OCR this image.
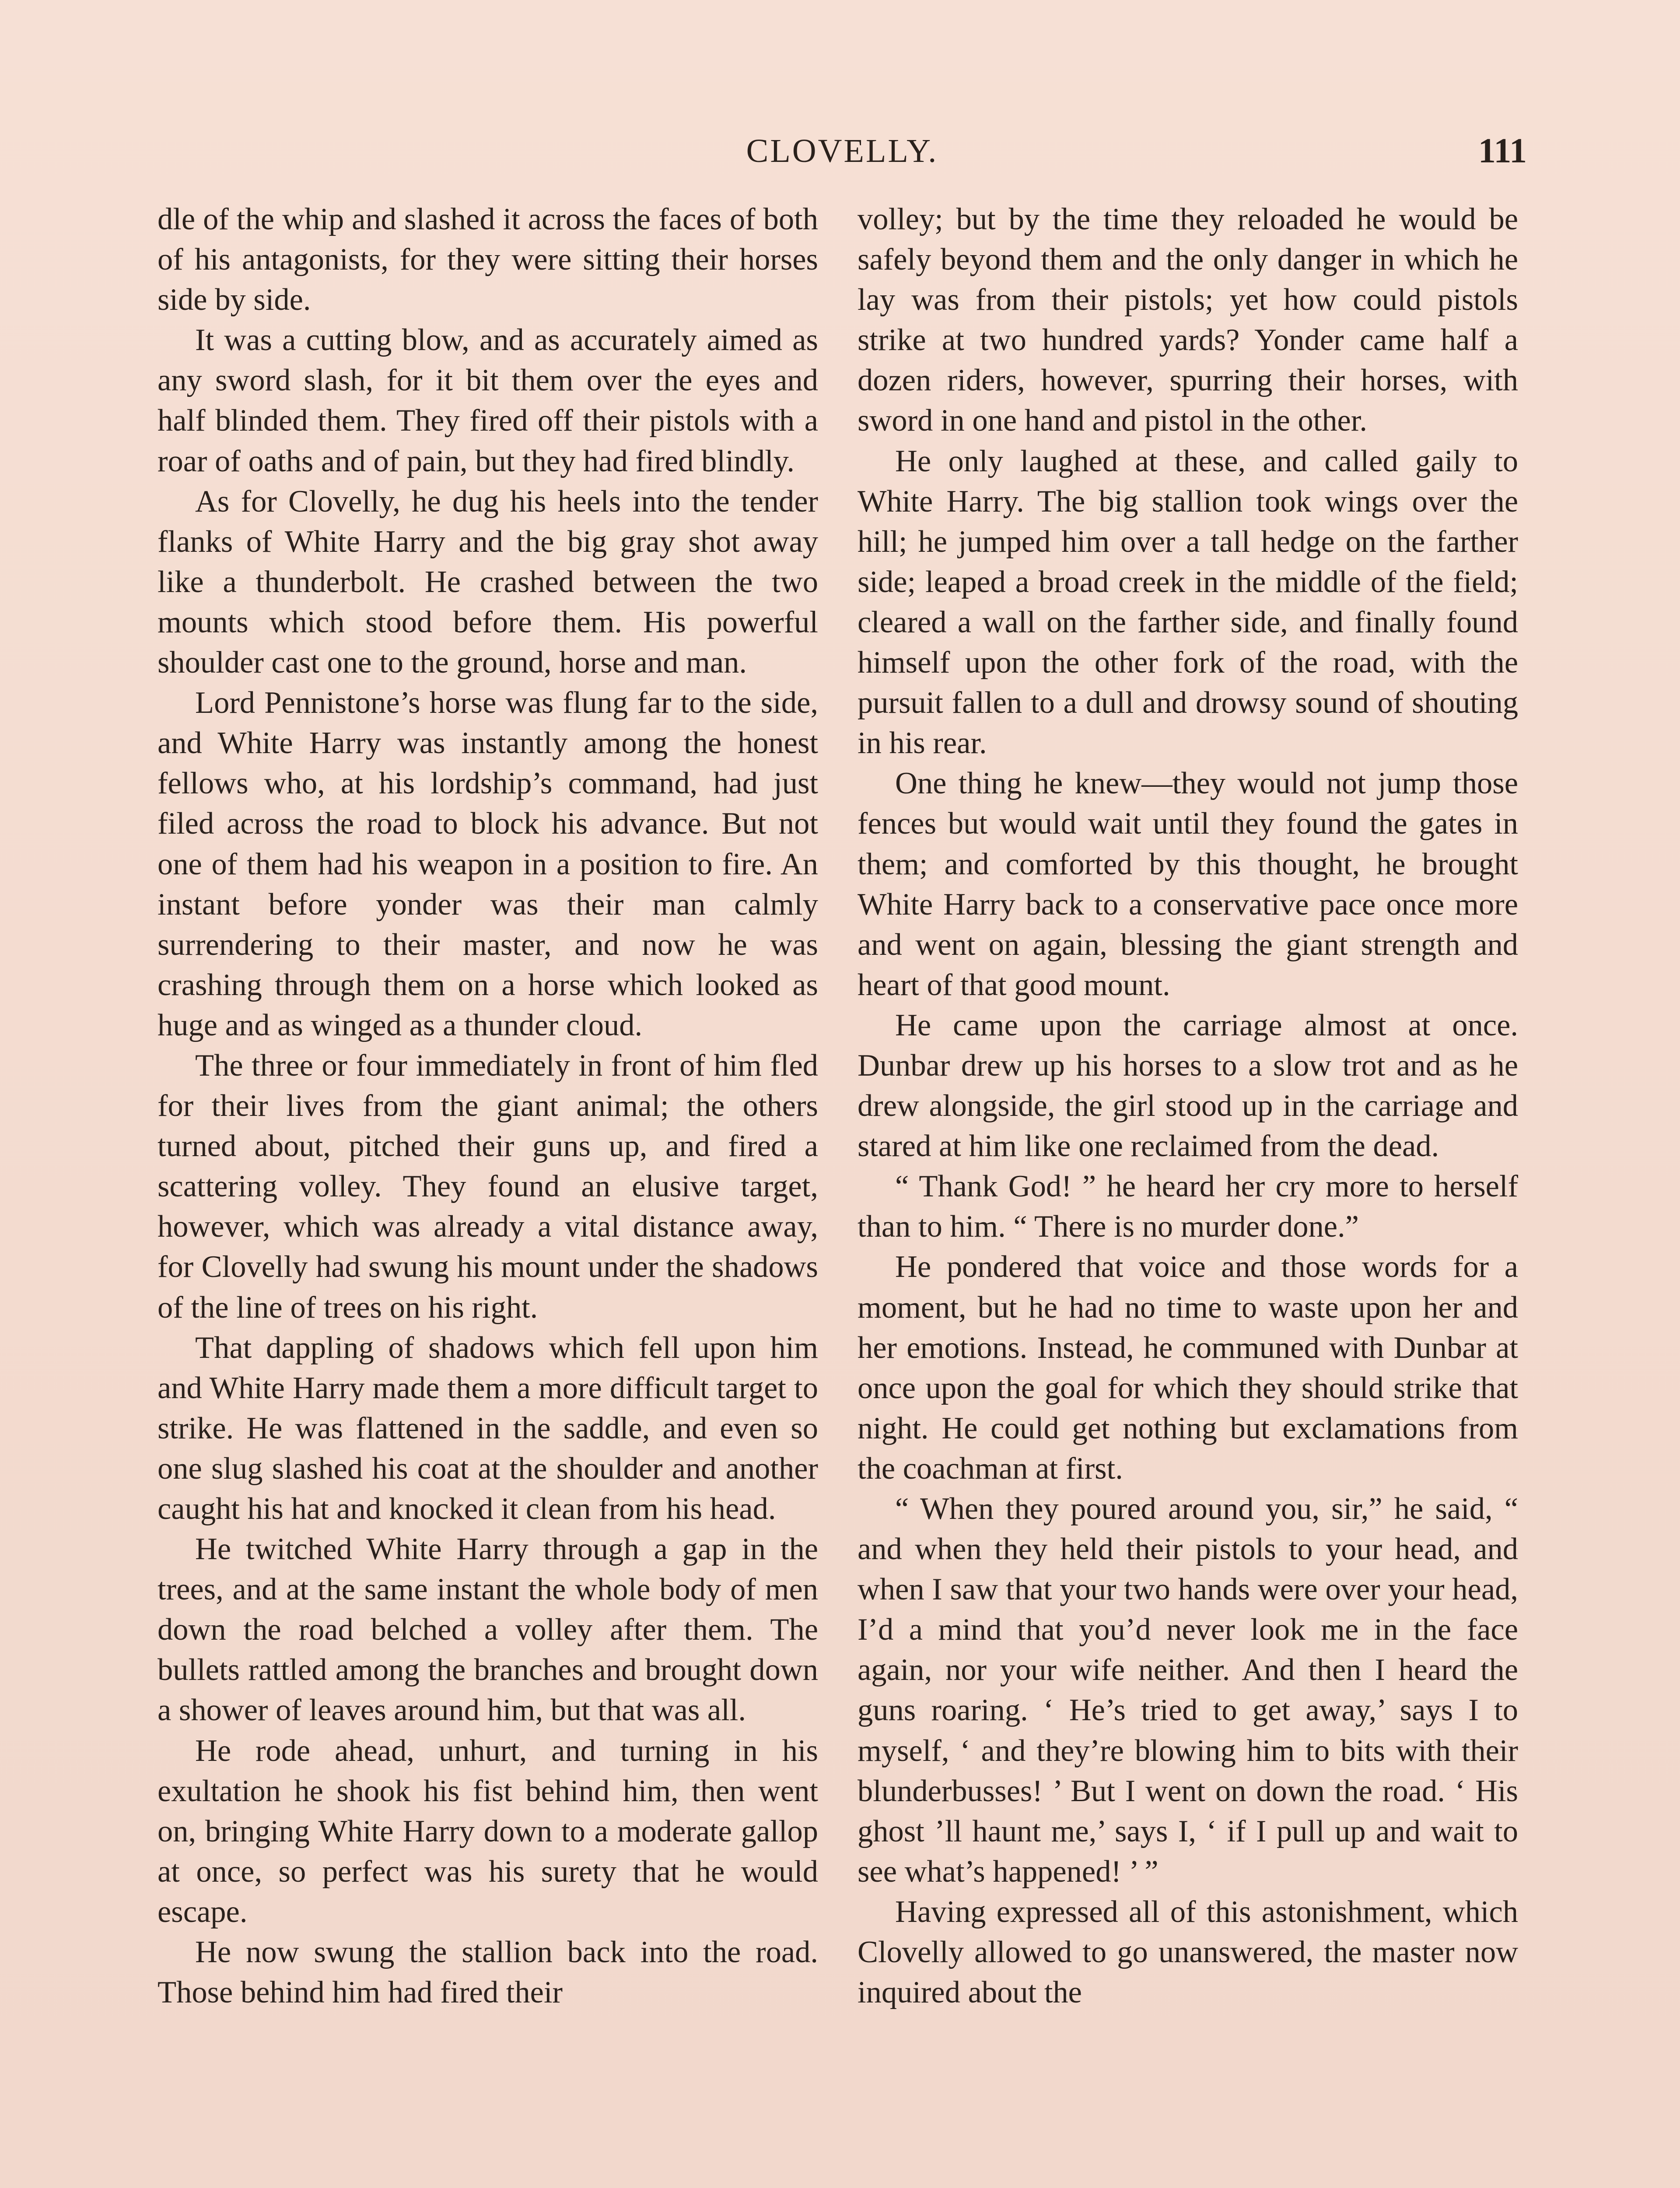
CLOVELLY.	111

dle of the whip and slashed it across the faces of both of his antagonists, for they were sitting their horses side by side.

It was a cutting blow, and as accurately aimed as any sword slash, for it bit them over the eyes and half blinded them. They fired off their pistols with a roar of oaths and of pain, but they had fired blindly.

As for Clovelly, he dug his heels into the tender flanks of White Harry and the big gray shot away like a thunderbolt. He crashed between the two mounts which stood before them. His powerful shoulder cast one to the ground, horse and man.

Lord Pennistone’s horse was flung far to the side, and White Harry was instantly among the honest fellows who, at his lordship’s command, had just filed across the road to block his advance. But not one of them had his weapon in a position to fire. An instant before yonder was their man calmly surrendering to their master, and now he was crashing through them on a horse which looked as huge and as winged as a thunder cloud.

The three or four immediately in front of him fled for their lives from the giant animal; the others turned about, pitched their guns up, and fired a scattering volley. They found an elusive target, however, which was already a vital distance away, for Clovelly had swung his mount under the shadows of the line of trees on his right.

That dappling of shadows which fell upon him and White Harry made them a more difficult target to strike. He was flattened in the saddle, and even so one slug slashed his coat at the shoulder and another caught his hat and knocked it clean from his head.

He twitched White Harry through a gap in the trees, and at the same instant the whole body of men down the road belched a volley after them. The bullets rattled among the branches and brought down a shower of leaves around him, but that was all.

He rode ahead, unhurt, and turning in his exultation he shook his fist behind him, then went on, bringing White Harry down to a moderate gallop at once, so perfect was his surety that he would escape.

He now swung the stallion back into the road. Those behind him had fired their

volley; but by the time they reloaded he would be safely beyond them and the only danger in which he lay was from their pistols; yet how could pistols strike at two hundred yards? Yonder came half a dozen riders, however, spurring their horses, with sword in one hand and pistol in the other.

He only laughed at these, and called gaily to White Harry. The big stallion took wings over the hill; he jumped him over a tall hedge on the farther side; leaped a broad creek in the middle of the field; cleared a wall on the farther side, and finally found himself upon the other fork of the road, with the pursuit fallen to a dull and drowsy sound of shouting in his rear.

One thing he knew—they would not jump those fences but would wait until they found the gates in them; and comforted by this thought, he brought White Harry back to a conservative pace once more and went on again, blessing the giant strength and heart of that good mount.

He came upon the carriage almost at once. Dunbar drew up his horses to a slow trot and as he drew alongside, the girl stood up in the carriage and stared at him like one reclaimed from the dead.

“ Thank God! ” he heard her cry more to herself than to him. “ There is no murder done.”

He pondered that voice and those words for a moment, but he had no time to waste upon her and her emotions. Instead, he communed with Dunbar at once upon the goal for which they should strike that night. He could get nothing but exclamations from the coachman at first.

“ When they poured around you, sir,” he said, “ and when they held their pistols to your head, and when I saw that your two hands were over your head, I’d a mind that you’d never look me in the face again, nor your wife neither. And then I heard the guns roaring. ‘ He’s tried to get away,’ says I to myself, ‘ and they’re blowing him to bits with their blunderbusses! ’ But I went on down the road. ‘ His ghost ’ll haunt me,’ says I, ‘ if I pull up and wait to see what’s happened! ’ ”

Having expressed all of this astonishment, which Clovelly allowed to go unanswered, the master now inquired about the
